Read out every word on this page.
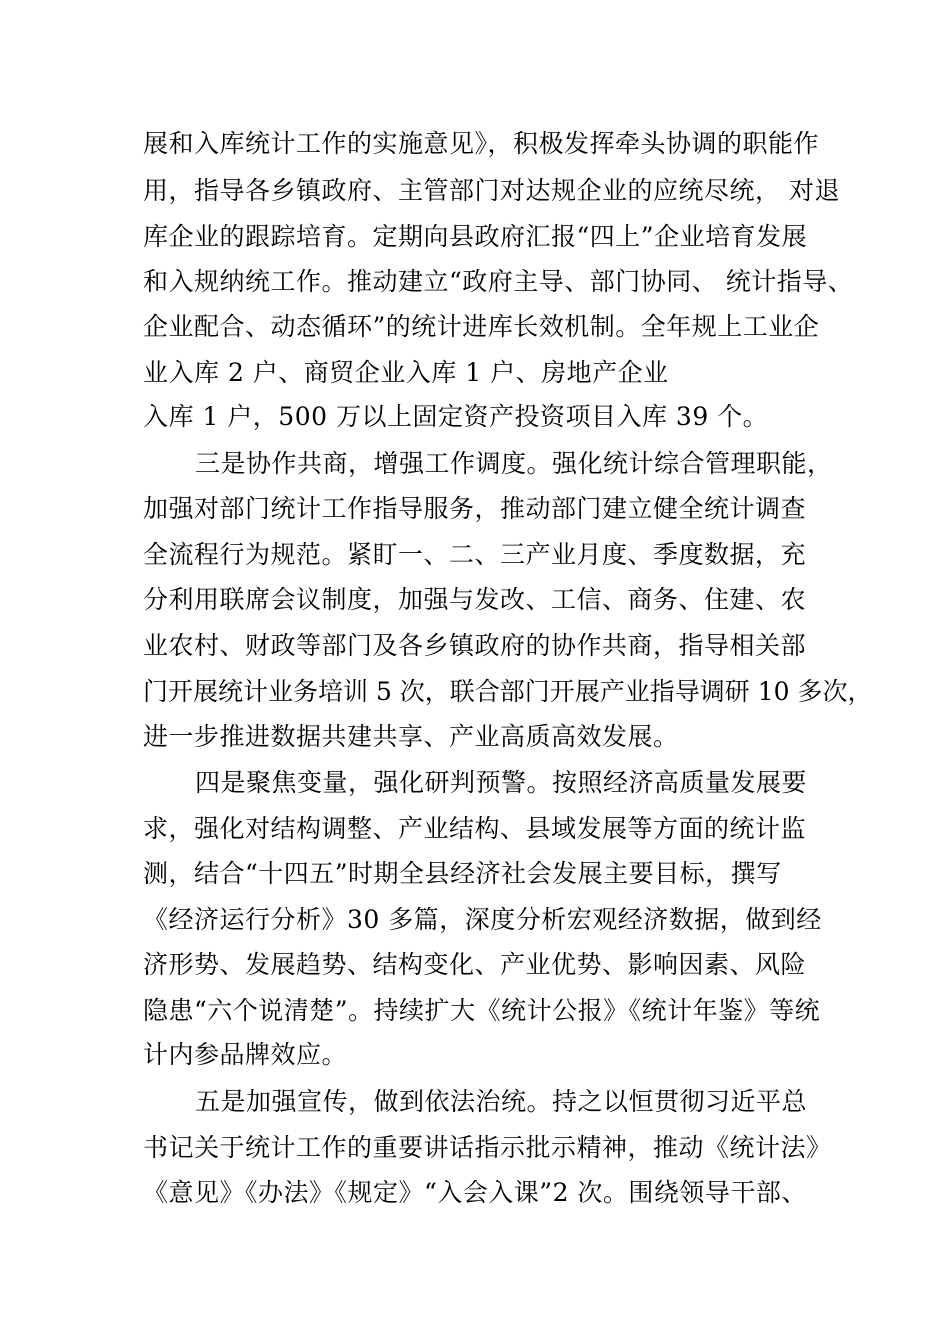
展和入库统计工作的实施意见》，积极发挥牵头协调的职能作
用，指导各乡镇政府、主管部门对达规企业的应统尽统， 对退
库企业的跟踪培育。定期向县政府汇报“四上”企业培育发展
和入规纳统工作。推动建立“政府主导、部门协同、 统计指导、
企业配合、动态循环”的统计进库长效机制。全年规上工业企
业入库 2 户、商贸企业入库 1 户、房地产企业
入库 1 户，500 万以上固定资产投资项目入库 39 个。
三是协作共商，增强工作调度。强化统计综合管理职能，
加强对部门统计工作指导服务，推动部门建立健全统计调查
全流程行为规范。紧盯一、二、三产业月度、季度数据，充
分利用联席会议制度，加强与发改、工信、商务、住建、农
业农村、财政等部门及各乡镇政府的协作共商，指导相关部
门开展统计业务培训 5 次，联合部门开展产业指导调研 10 多次，
进一步推进数据共建共享、产业高质高效发展。
四是聚焦变量，强化研判预警。按照经济高质量发展要
求，强化对结构调整、产业结构、县域发展等方面的统计监
测，结合“十四五”时期全县经济社会发展主要目标，撰写
《经济运行分析》30 多篇，深度分析宏观经济数据，做到经
济形势、发展趋势、结构变化、产业优势、影响因素、风险
隐患“六个说清楚”。持续扩大《统计公报》《统计年鉴》等统
计内参品牌效应。
五是加强宣传，做到依法治统。持之以恒贯彻习近平总
书记关于统计工作的重要讲话指示批示精神，推动《统计法》
《意见》《办法》《规定》“入会入课”2 次。围绕领导干部、
